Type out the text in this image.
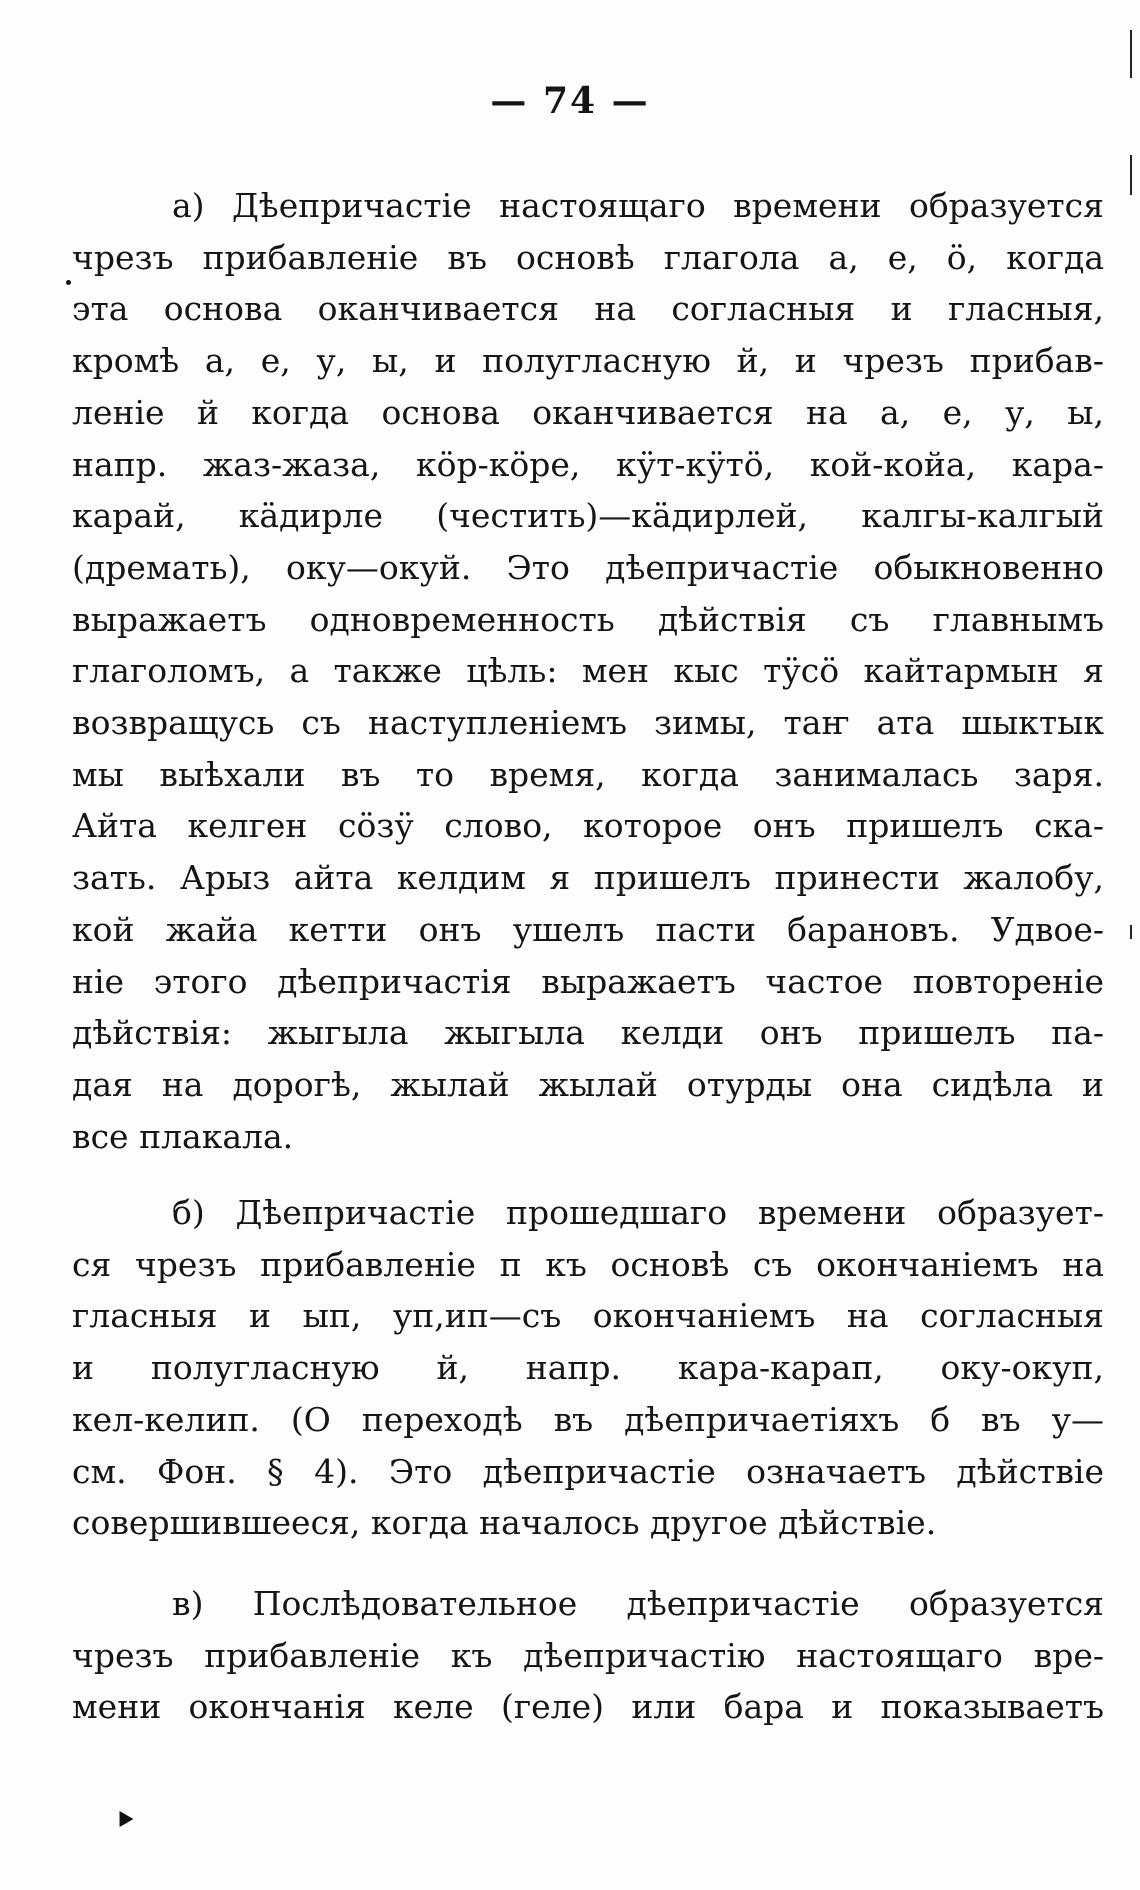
— 74 —
а) Дѣепричастіе настоящаго времени образуется
чрезъ прибавленіе въ основѣ глагола а, е, ö, когда
эта основа оканчивается на согласныя и гласныя,
кромѣ а, е, у, ы, и полугласную й, и чрезъ прибав-
леніе й когда основа оканчивается на а, е, у, ы,
напр. жаз-жаза, кöр-кöре, кӱт-кӱтö, кой-койа, кара-
карай, кäдирле (честить)—кäдирлей, калгы-калгый
(дремать), оку—окуй. Это дѣепричастіе обыкновенно
выражаетъ одновременность дѣйствія съ главнымъ
глаголомъ, а также цѣль: мен кыс тӱсö кайтармын я
возвращусь съ наступленіемъ зимы, таҥ ата шыктык
мы выѣхали въ то время, когда занималась заря.
Айта келген сöзӱ слово, которое онъ пришелъ ска-
зать. Арыз айта келдим я пришелъ принести жалобу,
кой жайа кетти онъ ушелъ пасти барановъ. Удвое-
ніе этого дѣепричастія выражаетъ частое повтореніе
дѣйствія: жыгыла жыгыла келди онъ пришелъ па-
дая на дорогѣ, жылай жылай отурды она сидѣла и
все плакала.
б) Дѣепричастіе прошедшаго времени образует-
ся чрезъ прибавленіе п къ основѣ съ окончаніемъ на
гласныя и ып, уп,ип—съ окончаніемъ на согласныя
и полугласную й, напр. кара-карап, оку-окуп,
кел-келип. (О переходѣ въ дѣепричаетіяхъ б въ у—
см. Фон. § 4). Это дѣепричастіе означаетъ дѣйствіе
совершившееся, когда началось другое дѣйствіе.
в) Послѣдовательное дѣепричастіе образуется
чрезъ прибавленіе къ дѣепричастію настоящаго вре-
мени окончанія келе (геле) или бара и показываетъ
